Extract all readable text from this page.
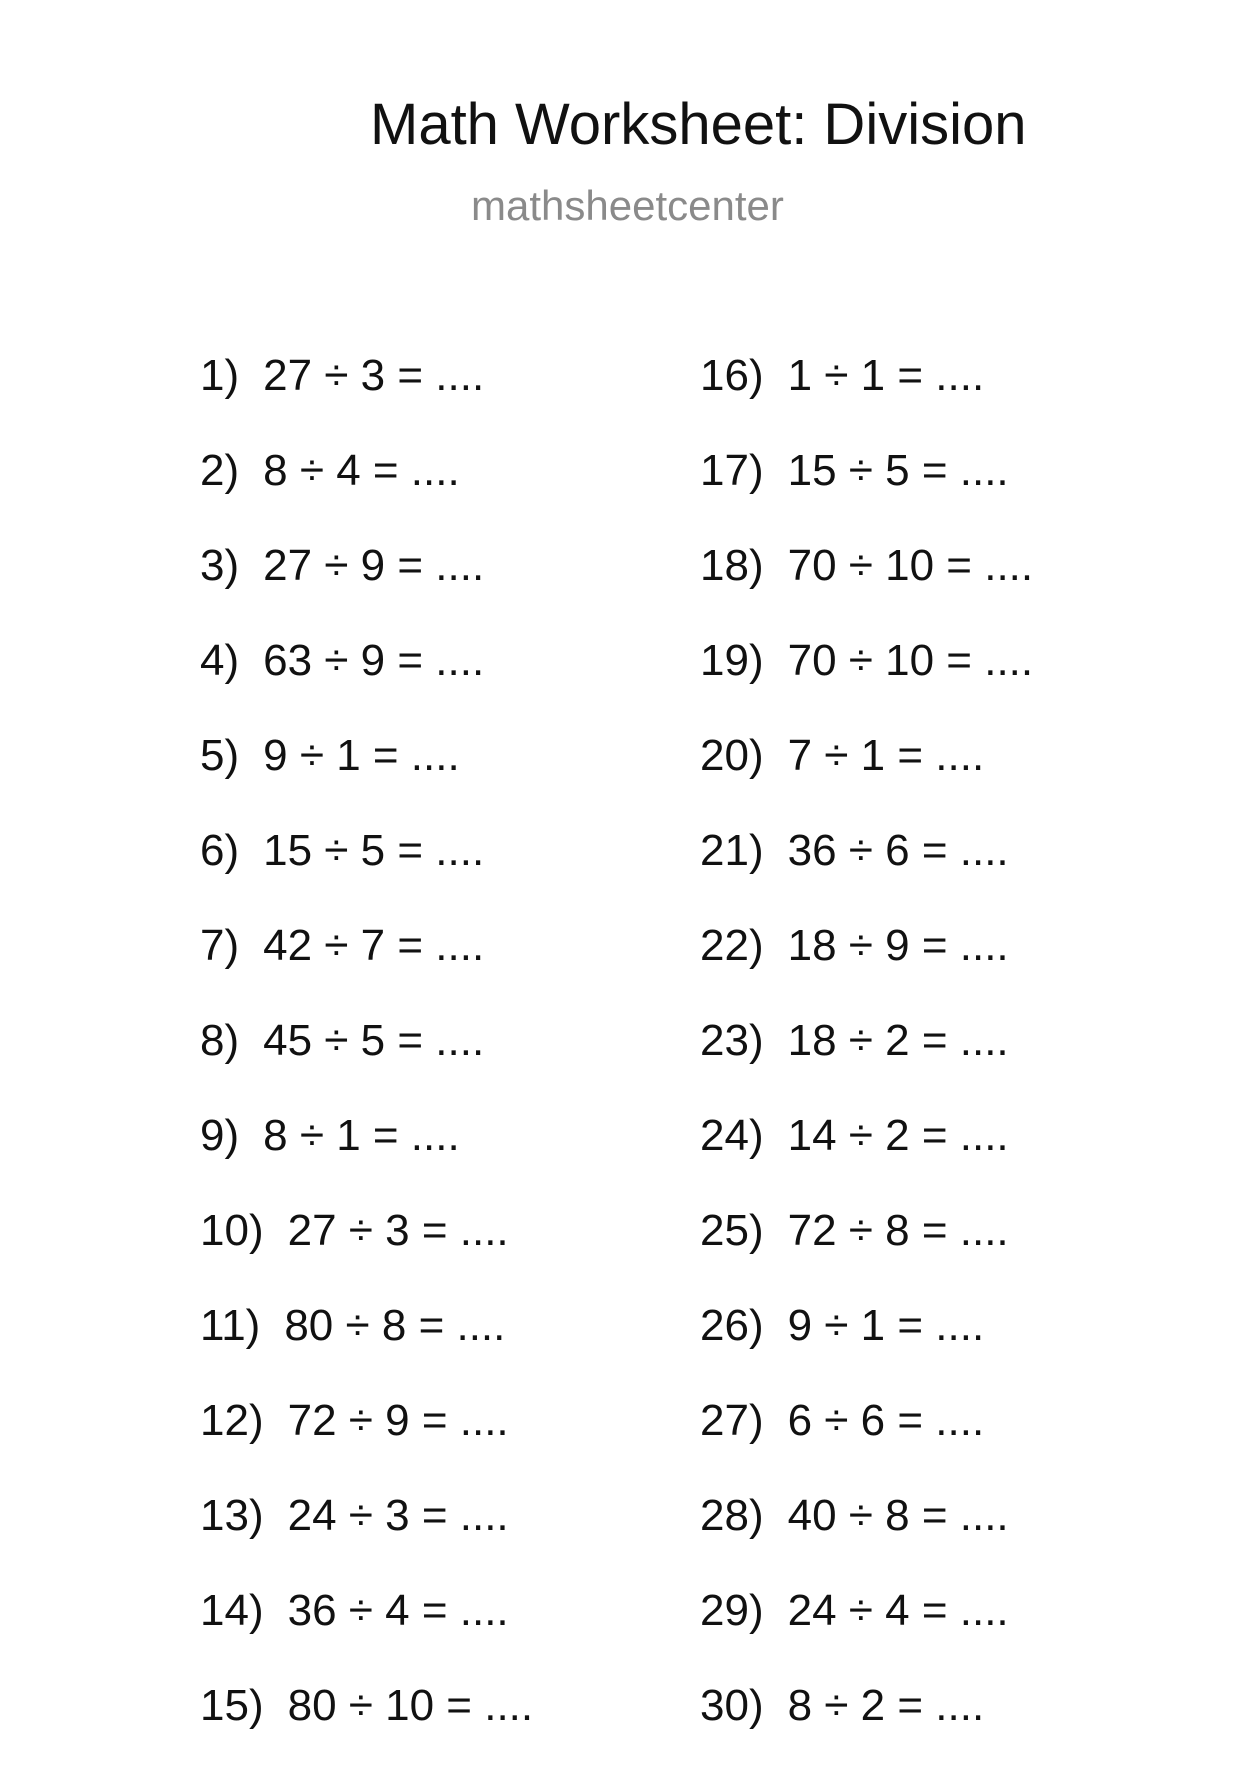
Math Worksheet: Division
mathsheetcenter
1) 27 ÷ 3 = ....
2) 8 ÷ 4 = ....
3) 27 ÷ 9 = ....
4) 63 ÷ 9 = ....
5) 9 ÷ 1 = ....
6) 15 ÷ 5 = ....
7) 42 ÷ 7 = ....
8) 45 ÷ 5 = ....
9) 8 ÷ 1 = ....
10) 27 ÷ 3 = ....
11) 80 ÷ 8 = ....
12) 72 ÷ 9 = ....
13) 24 ÷ 3 = ....
14) 36 ÷ 4 = ....
15) 80 ÷ 10 = ....
16) 1 ÷ 1 = ....
17) 15 ÷ 5 = ....
18) 70 ÷ 10 = ....
19) 70 ÷ 10 = ....
20) 7 ÷ 1 = ....
21) 36 ÷ 6 = ....
22) 18 ÷ 9 = ....
23) 18 ÷ 2 = ....
24) 14 ÷ 2 = ....
25) 72 ÷ 8 = ....
26) 9 ÷ 1 = ....
27) 6 ÷ 6 = ....
28) 40 ÷ 8 = ....
29) 24 ÷ 4 = ....
30) 8 ÷ 2 = ....
